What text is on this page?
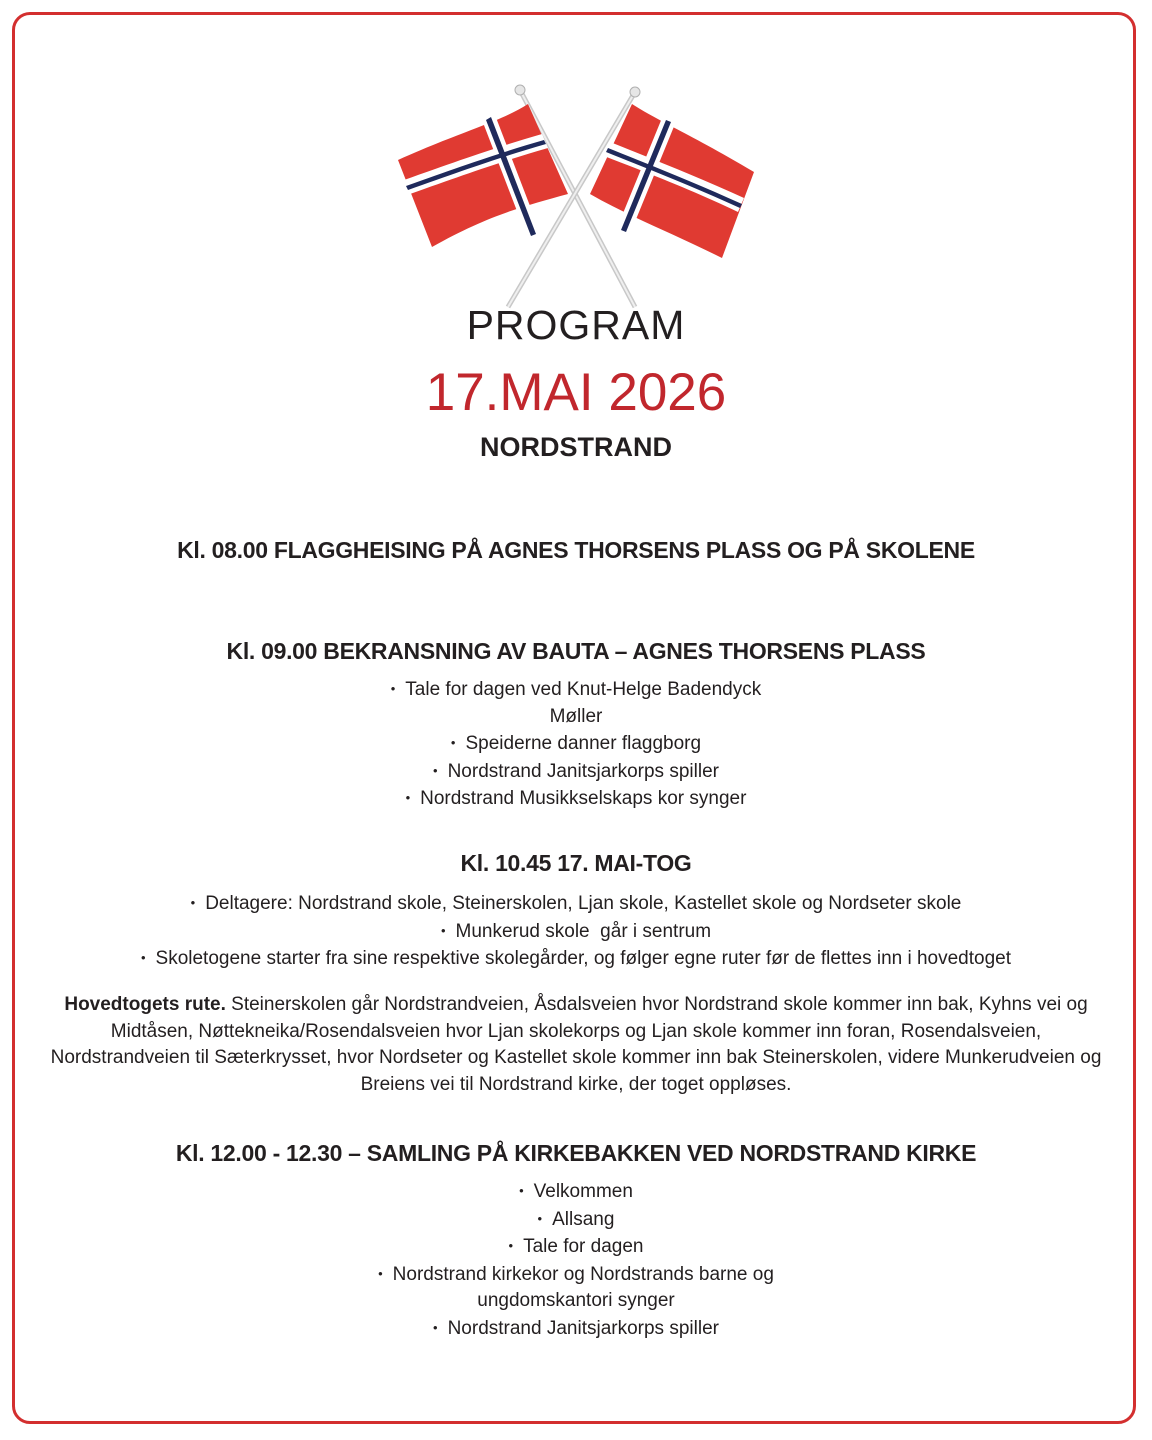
PROGRAM
17.MAI 2026
NORDSTRAND
Kl. 08.00 FLAGGHEISING PÅ AGNES THORSENS PLASS OG PÅ SKOLENE
Kl. 09.00 BEKRANSNING AV BAUTA – AGNES THORSENS PLASS
• Tale for dagen ved Knut-Helge Badendyck
Møller
• Speiderne danner flaggborg
• Nordstrand Janitsjarkorps spiller
• Nordstrand Musikkselskaps kor synger
Kl. 10.45 17. MAI-TOG
• Deltagere: Nordstrand skole, Steinerskolen, Ljan skole, Kastellet skole og Nordseter skole
• Munkerud skole  går i sentrum
• Skoletogene starter fra sine respektive skolegårder, og følger egne ruter før de flettes inn i hovedtoget
Hovedtogets rute. Steinerskolen går Nordstrandveien, Åsdalsveien hvor Nordstrand skole kommer inn bak, Kyhns vei og Midtåsen, Nøttekneika/Rosendalsveien hvor Ljan skolekorps og Ljan skole kommer inn foran, Rosendalsveien, Nordstrandveien til Sæterkrysset, hvor Nordseter og Kastellet skole kommer inn bak Steinerskolen, videre Munkerudveien og Breiens vei til Nordstrand kirke, der toget oppløses.
Kl. 12.00 - 12.30 – SAMLING PÅ KIRKEBAKKEN VED NORDSTRAND KIRKE
• Velkommen
• Allsang
• Tale for dagen
• Nordstrand kirkekor og Nordstrands barne og
ungdomskantori synger
• Nordstrand Janitsjarkorps spiller
